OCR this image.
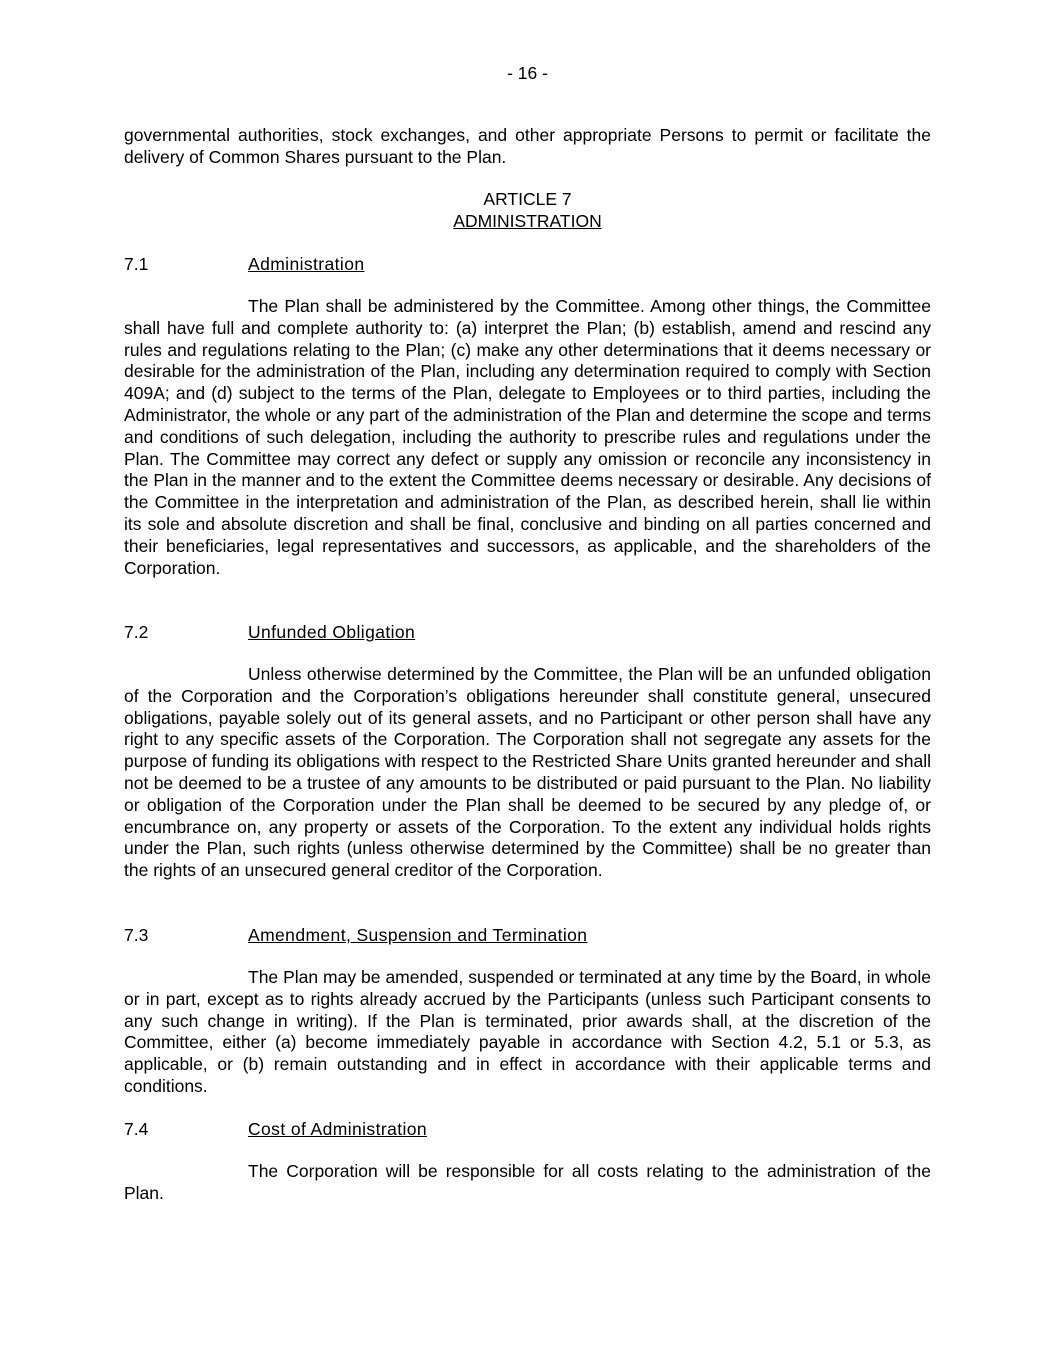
- 16 -

governmental authorities, stock exchanges, and other appropriate Persons to permit or facilitate the delivery of Common Shares pursuant to the Plan.

ARTICLE 7
ADMINISTRATION
7.1	Administration

The Plan shall be administered by the Committee. Among other things, the Committee shall have full and complete authority to: (a) interpret the Plan; (b) establish, amend and rescind any rules and regulations relating to the Plan; (c) make any other determinations that it deems necessary or desirable for the administration of the Plan, including any determination required to comply with Section 409A; and (d) subject to the terms of the Plan, delegate to Employees or to third parties, including the Administrator, the whole or any part of the administration of the Plan and determine the scope and terms and conditions of such delegation, including the authority to prescribe rules and regulations under the Plan. The Committee may correct any defect or supply any omission or reconcile any inconsistency in the Plan in the manner and to the extent the Committee deems necessary or desirable. Any decisions of the Committee in the interpretation and administration of the Plan, as described herein, shall lie within its sole and absolute discretion and shall be final, conclusive and binding on all parties concerned and their beneficiaries, legal representatives and successors, as applicable, and the shareholders of the Corporation.

7.2	Unfunded Obligation

Unless otherwise determined by the Committee, the Plan will be an unfunded obligation of the Corporation and the Corporation’s obligations hereunder shall constitute general, unsecured obligations, payable solely out of its general assets, and no Participant or other person shall have any right to any specific assets of the Corporation. The Corporation shall not segregate any assets for the purpose of funding its obligations with respect to the Restricted Share Units granted hereunder and shall not be deemed to be a trustee of any amounts to be distributed or paid pursuant to the Plan. No liability or obligation of the Corporation under the Plan shall be deemed to be secured by any pledge of, or encumbrance on, any property or assets of the Corporation. To the extent any individual holds rights under the Plan, such rights (unless otherwise determined by the Committee) shall be no greater than the rights of an unsecured general creditor of the Corporation.

7.3	Amendment, Suspension and Termination

The Plan may be amended, suspended or terminated at any time by the Board, in whole or in part, except as to rights already accrued by the Participants (unless such Participant consents to any such change in writing). If the Plan is terminated, prior awards shall, at the discretion of the Committee, either (a) become immediately payable in accordance with Section 4.2, 5.1 or 5.3, as applicable, or (b) remain outstanding and in effect in accordance with their applicable terms and conditions.

7.4	Cost of Administration

The Corporation will be responsible for all costs relating to the administration of the Plan.
